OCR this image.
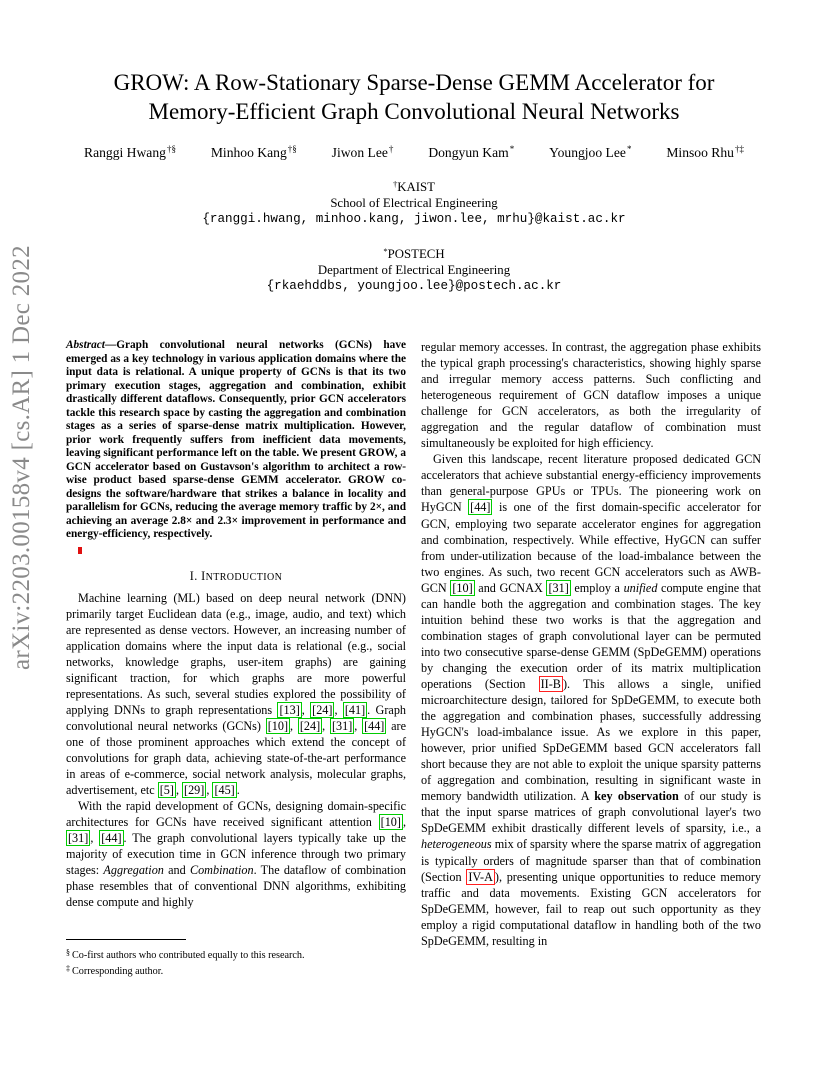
arXiv:2203.00158v4 [cs.AR] 1 Dec 2022
GROW: A Row-Stationary Sparse-Dense GEMM Accelerator for
Memory-Efficient Graph Convolutional Neural Networks
Ranggi Hwang†§	Minhoo Kang†§	Jiwon Lee†	Dongyun Kam*	Youngjoo Lee*	Minsoo Rhu†‡
†KAIST
School of Electrical Engineering
{ranggi.hwang, minhoo.kang, jiwon.lee, mrhu}@kaist.ac.kr
*POSTECH
Department of Electrical Engineering
{rkaehddbs, youngjoo.lee}@postech.ac.kr
Abstract—Graph convolutional neural networks (GCNs) have emerged as a key technology in various application domains where the input data is relational. A unique property of GCNs is that its two primary execution stages, aggregation and combination, exhibit drastically different dataflows. Consequently, prior GCN accelerators tackle this research space by casting the aggregation and combination stages as a series of sparse-dense matrix multiplication. However, prior work frequently suffers from inefficient data movements, leaving significant performance left on the table. We present GROW, a GCN accelerator based on Gustavson's algorithm to architect a row-wise product based sparse-dense GEMM accelerator. GROW co-designs the software/hardware that strikes a balance in locality and parallelism for GCNs, reducing the average memory traffic by 2×, and achieving an average 2.8× and 2.3× improvement in performance and energy-efficiency, respectively.
I. INTRODUCTION

Machine learning (ML) based on deep neural network (DNN) primarily target Euclidean data (e.g., image, audio, and text) which are represented as dense vectors. However, an increasing number of application domains where the input data is relational (e.g., social networks, knowledge graphs, user-item graphs) are gaining significant traction, for which graphs are more powerful representations. As such, several studies explored the possibility of applying DNNs to graph representations [13] , [24] , [41] . Graph convolutional neural networks (GCNs) [10] , [24] , [31] , [44] are one of those prominent approaches which extend the concept of convolutions for graph data, achieving state-of-the-art performance in areas of e-commerce, social network analysis, molecular graphs, advertisement, etc [5] , [29] , [45] .

With the rapid development of GCNs, designing domain-specific architectures for GCNs have received significant attention [10] , [31] , [44] . The graph convolutional layers typically take up the majority of execution time in GCN inference through two primary stages: Aggregation and Combination. The dataflow of combination phase resembles that of conventional DNN algorithms, exhibiting dense compute and highly

regular memory accesses. In contrast, the aggregation phase exhibits the typical graph processing's characteristics, showing highly sparse and irregular memory access patterns. Such conflicting and heterogeneous requirement of GCN dataflow imposes a unique challenge for GCN accelerators, as both the irregularity of aggregation and the regular dataflow of combination must simultaneously be exploited for high efficiency.

Given this landscape, recent literature proposed dedicated GCN accelerators that achieve substantial energy-efficiency improvements than general-purpose GPUs or TPUs. The pioneering work on HyGCN [44] is one of the first domain-specific accelerator for GCN, employing two separate accelerator engines for aggregation and combination, respectively. While effective, HyGCN can suffer from under-utilization because of the load-imbalance between the two engines. As such, two recent GCN accelerators such as AWB-GCN [10] and GCNAX [31] employ a unified compute engine that can handle both the aggregation and combination stages. The key intuition behind these two works is that the aggregation and combination stages of graph convolutional layer can be permuted into two consecutive sparse-dense GEMM (SpDeGEMM) operations by changing the execution order of its matrix multiplication operations (Section II-B ). This allows a single, unified microarchitecture design, tailored for SpDeGEMM, to execute both the aggregation and combination phases, successfully addressing HyGCN's load-imbalance issue. As we explore in this paper, however, prior unified SpDeGEMM based GCN accelerators fall short because they are not able to exploit the unique sparsity patterns of aggregation and combination, resulting in significant waste in memory bandwidth utilization. A key observation of our study is that the input sparse matrices of graph convolutional layer's two SpDeGEMM exhibit drastically different levels of sparsity, i.e., a heterogeneous mix of sparsity where the sparse matrix of aggregation is typically orders of magnitude sparser than that of combination (Section IV-A ), presenting unique opportunities to reduce memory traffic and data movements. Existing GCN accelerators for SpDeGEMM, however, fail to reap out such opportunity as they employ a rigid computational dataflow in handling both of the two SpDeGEMM, resulting in

§ Co-first authors who contributed equally to this research.
‡ Corresponding author.
